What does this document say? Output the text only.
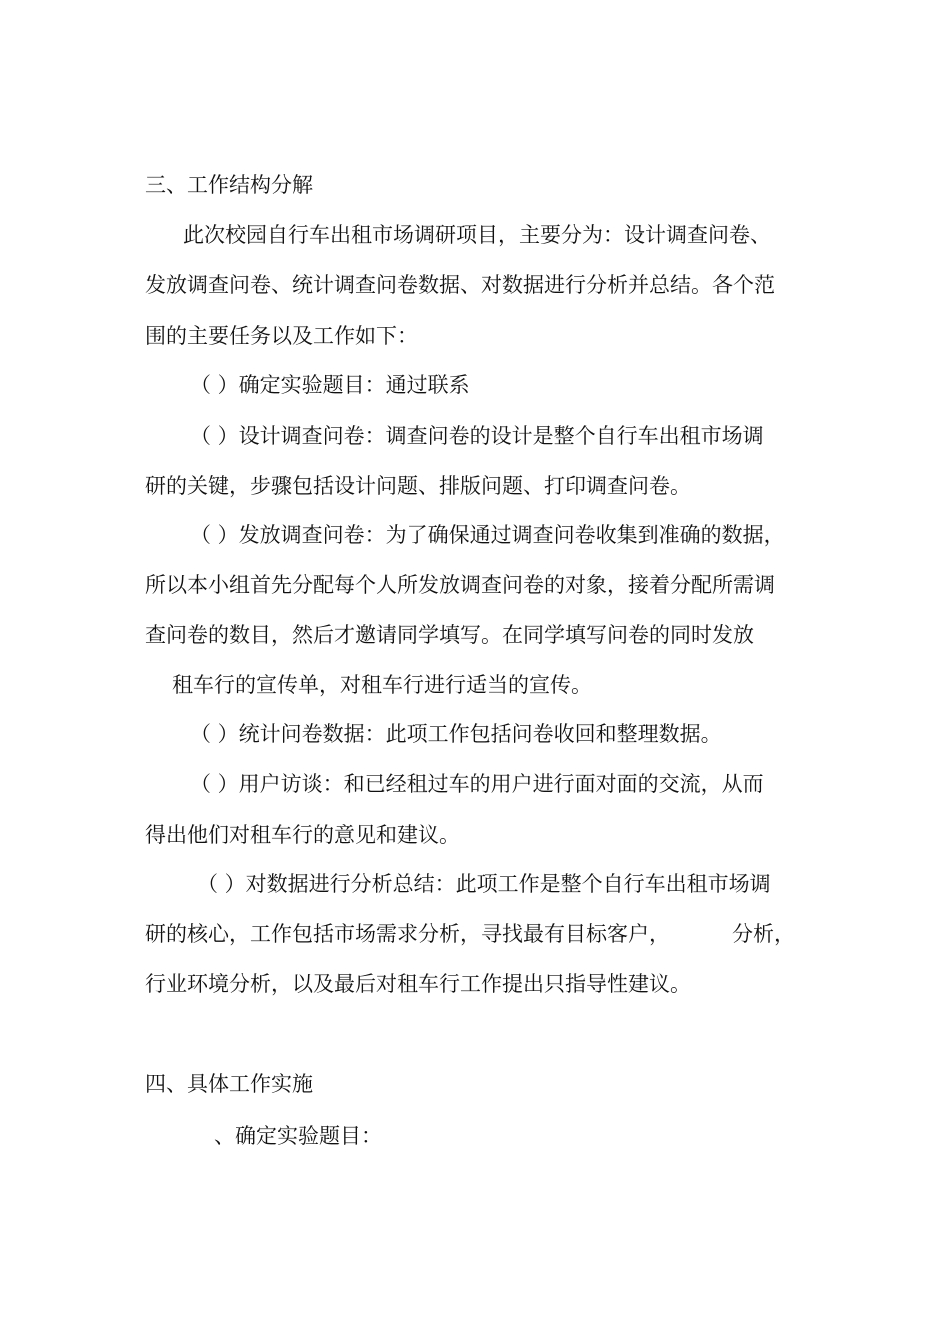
三、工作结构分解
此次校园自行车出租市场调研项目，主要分为：设计调查问卷、
发放调查问卷、统计调查问卷数据、对数据进行分析并总结。各个范
围的主要任务以及工作如下：
（ ）确定实验题目：通过联系
（ ）设计调查问卷：调查问卷的设计是整个自行车出租市场调
研的关键，步骤包括设计问题、排版问题、打印调查问卷。
（ ）发放调查问卷：为了确保通过调查问卷收集到准确的数据，
所以本小组首先分配每个人所发放调查问卷的对象，接着分配所需调
查问卷的数目，然后才邀请同学填写。在同学填写问卷的同时发放
租车行的宣传单，对租车行进行适当的宣传。
（ ）统计问卷数据：此项工作包括问卷收回和整理数据。
（ ）用户访谈：和已经租过车的用户进行面对面的交流，从而
得出他们对租车行的意见和建议。
（ ）对数据进行分析总结：此项工作是整个自行车出租市场调
研的核心，工作包括市场需求分析，寻找最有目标客户，	分析，
行业环境分析，以及最后对租车行工作提出只指导性建议。
四、具体工作实施
、确定实验题目：
